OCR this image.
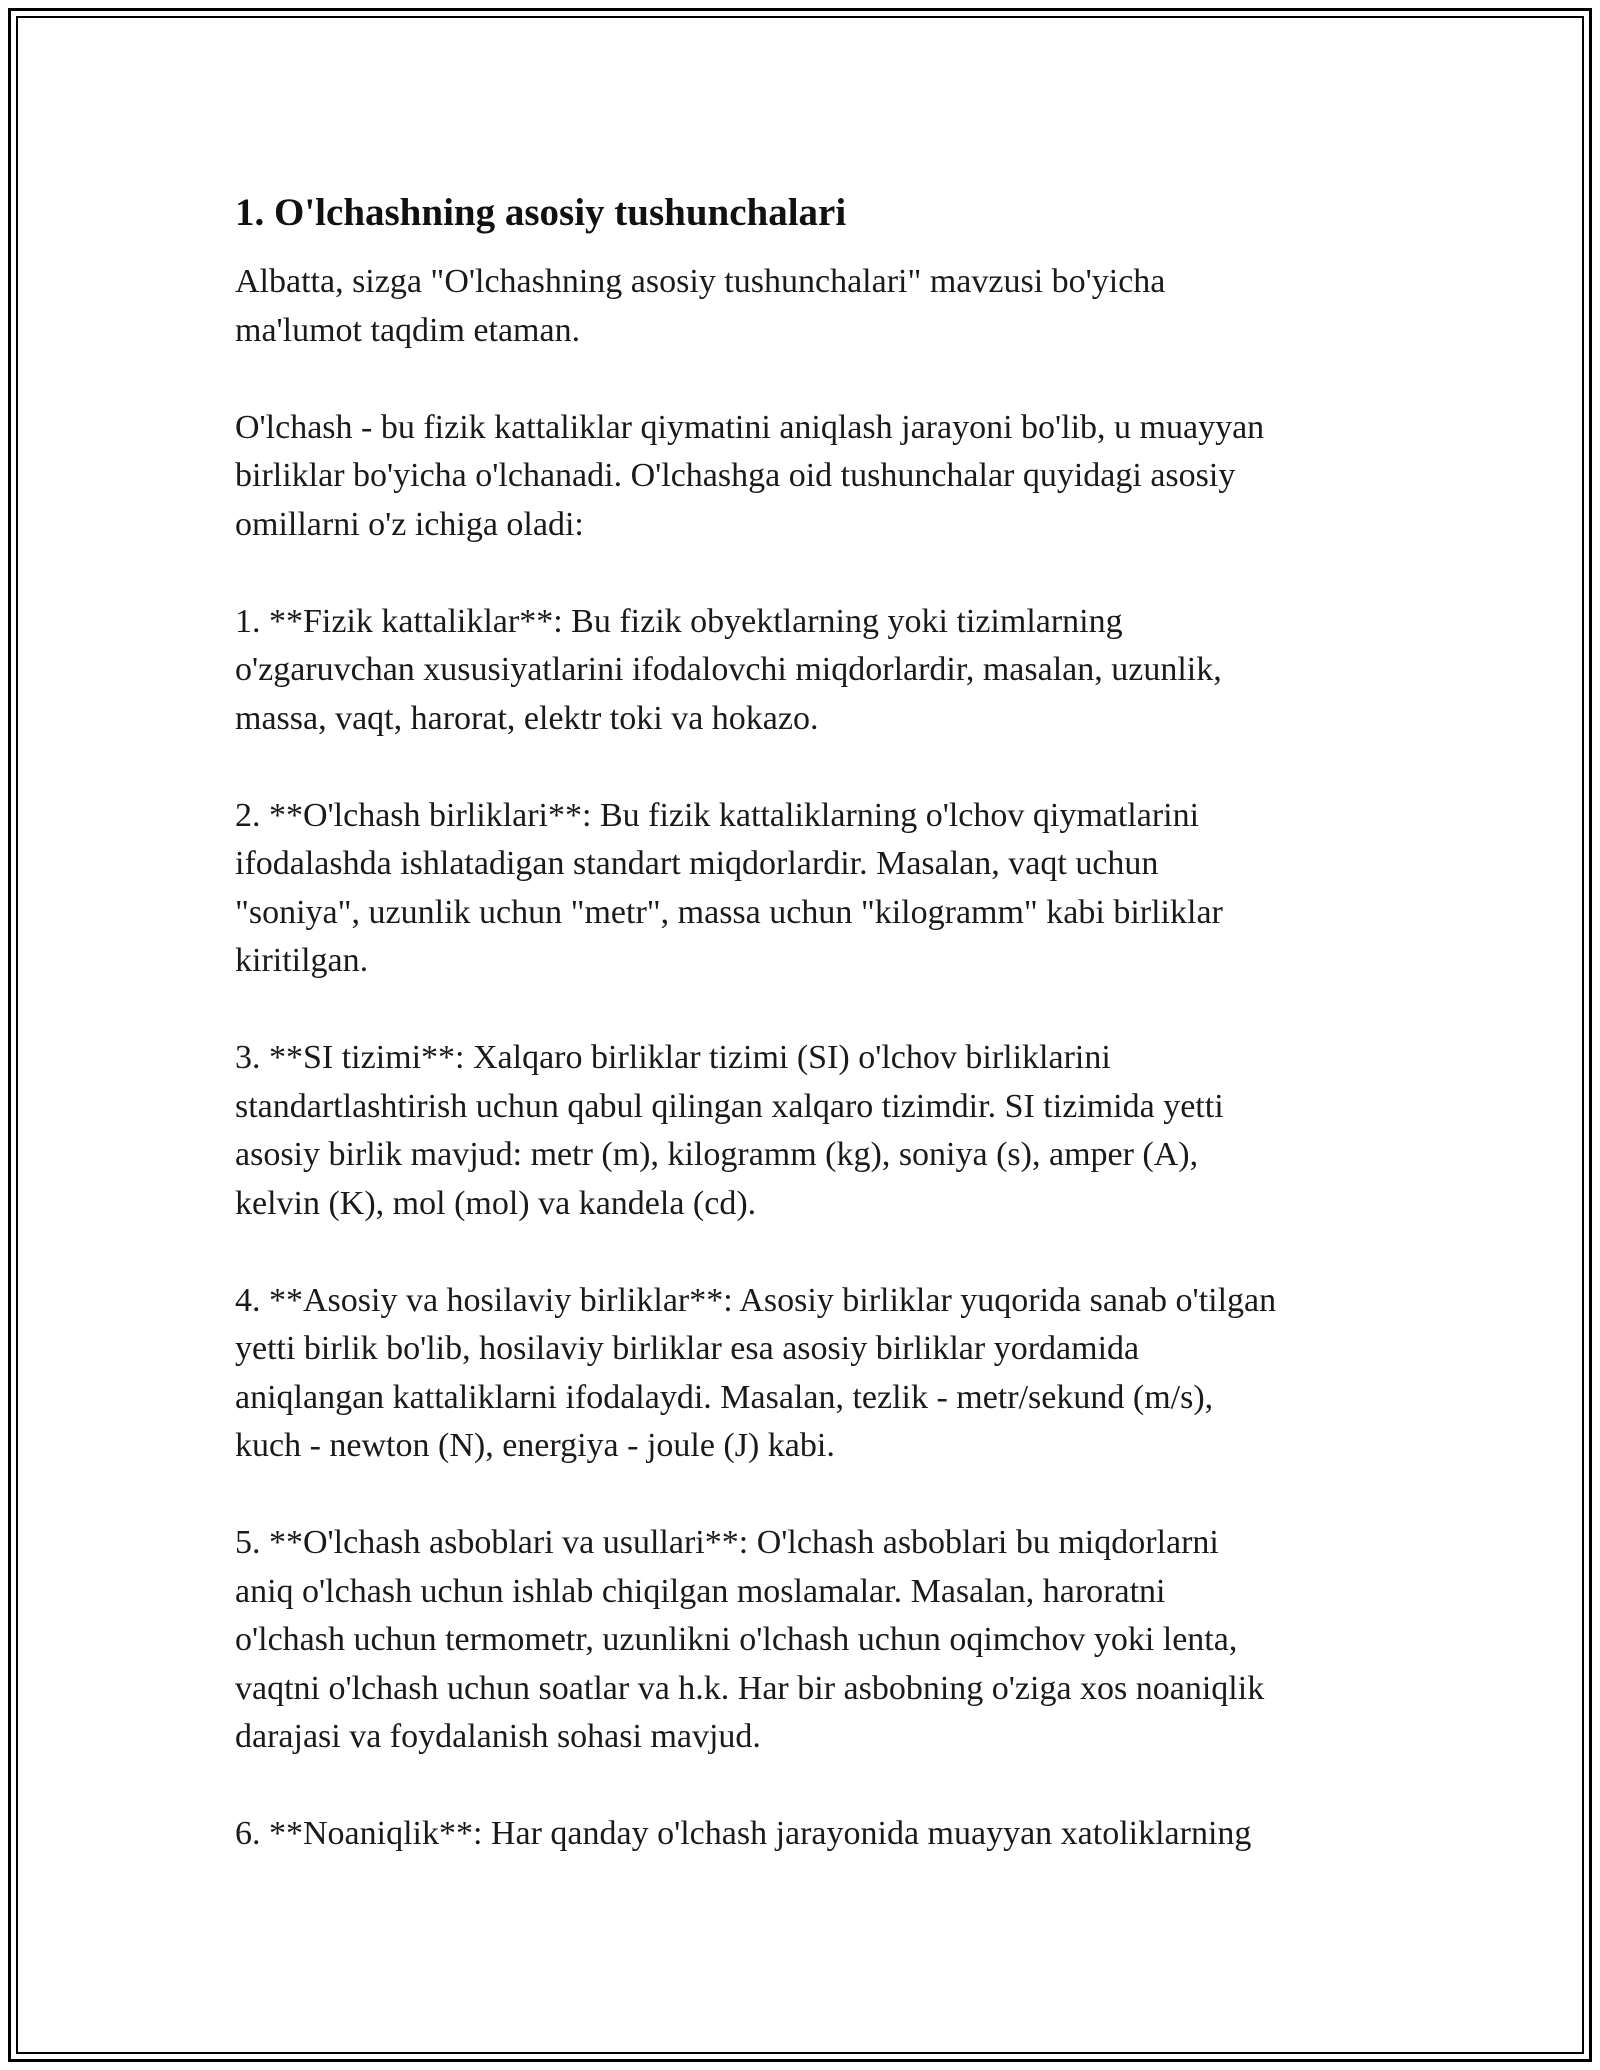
1. O'lchashning asosiy tushunchalari

Albatta, sizga "O'lchashning asosiy tushunchalari" mavzusi bo'yicha
ma'lumot taqdim etaman.

O'lchash - bu fizik kattaliklar qiymatini aniqlash jarayoni bo'lib, u muayyan
birliklar bo'yicha o'lchanadi. O'lchashga oid tushunchalar quyidagi asosiy
omillarni o'z ichiga oladi:

1. **Fizik kattaliklar**: Bu fizik obyektlarning yoki tizimlarning
o'zgaruvchan xususiyatlarini ifodalovchi miqdorlardir, masalan, uzunlik,
massa, vaqt, harorat, elektr toki va hokazo.

2. **O'lchash birliklari**: Bu fizik kattaliklarning o'lchov qiymatlarini
ifodalashda ishlatadigan standart miqdorlardir. Masalan, vaqt uchun
"soniya", uzunlik uchun "metr", massa uchun "kilogramm" kabi birliklar
kiritilgan.

3. **SI tizimi**: Xalqaro birliklar tizimi (SI) o'lchov birliklarini
standartlashtirish uchun qabul qilingan xalqaro tizimdir. SI tizimida yetti
asosiy birlik mavjud: metr (m), kilogramm (kg), soniya (s), amper (A),
kelvin (K), mol (mol) va kandela (cd).

4. **Asosiy va hosilaviy birliklar**: Asosiy birliklar yuqorida sanab o'tilgan
yetti birlik bo'lib, hosilaviy birliklar esa asosiy birliklar yordamida
aniqlangan kattaliklarni ifodalaydi. Masalan, tezlik - metr/sekund (m/s),
kuch - newton (N), energiya - joule (J) kabi.

5. **O'lchash asboblari va usullari**: O'lchash asboblari bu miqdorlarni
aniq o'lchash uchun ishlab chiqilgan moslamalar. Masalan, haroratni
o'lchash uchun termometr, uzunlikni o'lchash uchun oqimchov yoki lenta,
vaqtni o'lchash uchun soatlar va h.k. Har bir asbobning o'ziga xos noaniqlik
darajasi va foydalanish sohasi mavjud.

6. **Noaniqlik**: Har qanday o'lchash jarayonida muayyan xatoliklarning
